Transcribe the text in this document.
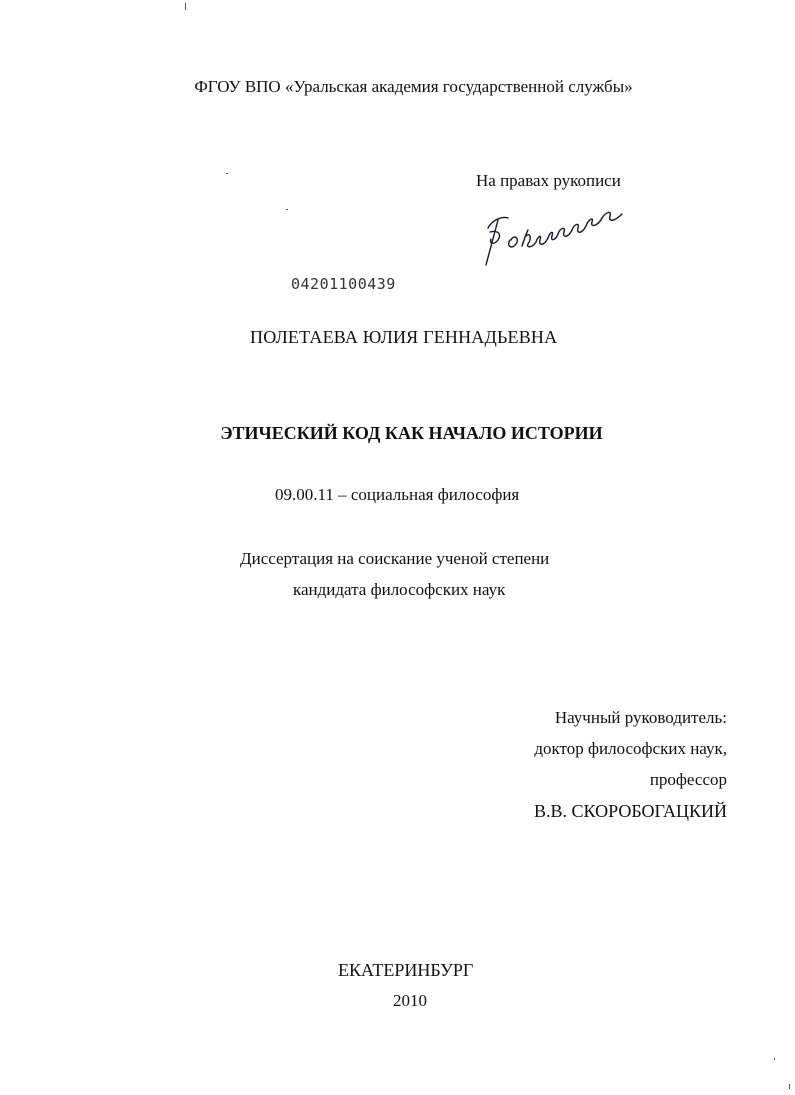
ФГОУ ВПО «Уральская академия государственной службы»
На правах рукописи
04201100439
ПОЛЕТАЕВА ЮЛИЯ ГЕННАДЬЕВНА
ЭТИЧЕСКИЙ КОД КАК НАЧАЛО ИСТОРИИ
09.00.11 – социальная философия
Диссертация на соискание ученой степени
кандидата философских наук
Научный руководитель:
доктор философских наук,
профессор
В.В. СКОРОБОГАЦКИЙ
ЕКАТЕРИНБУРГ
2010
